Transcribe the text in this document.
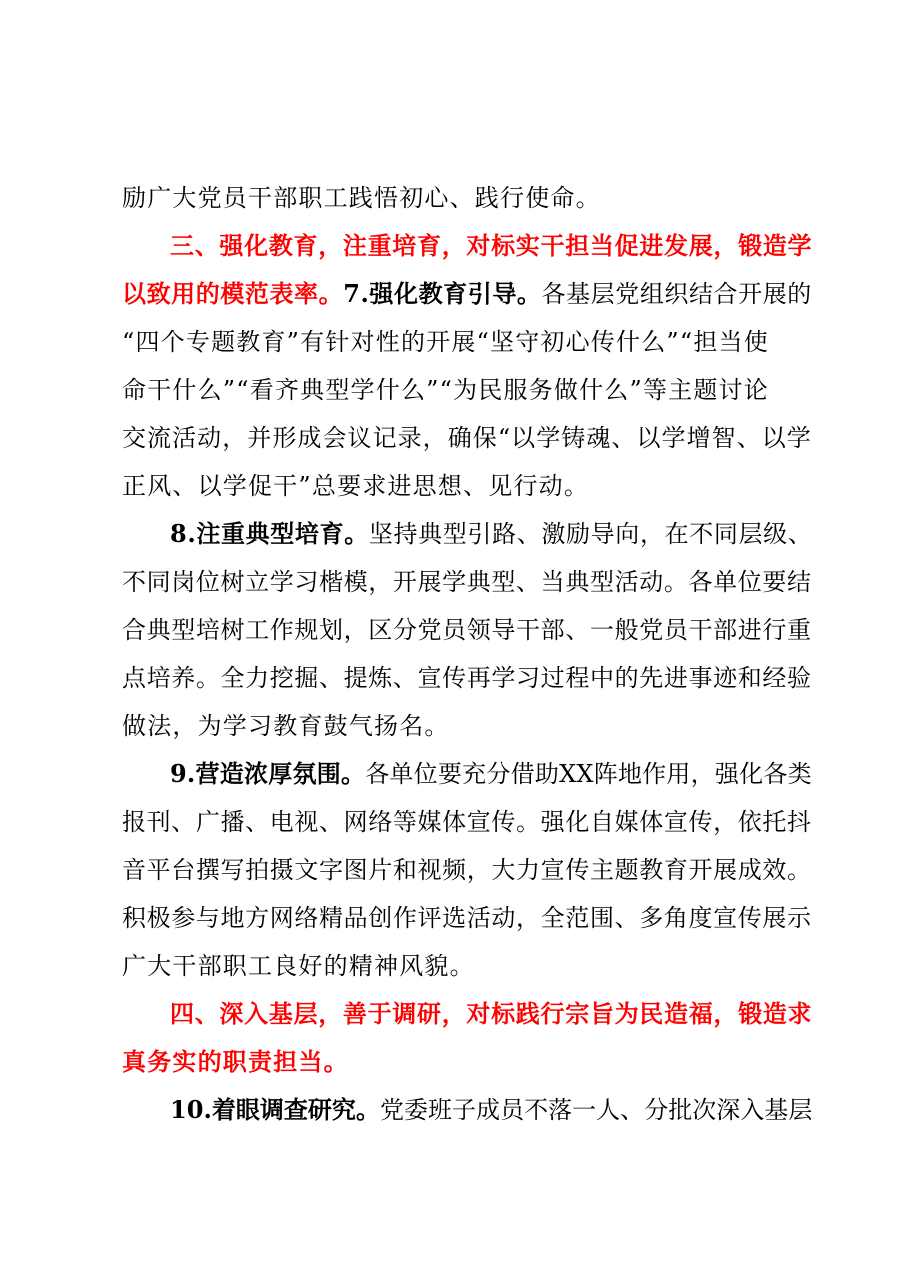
励广大党员干部职工践悟初心、践行使命。
三、强化教育，注重培育，对标实干担当促进发展，锻造学
以致用的模范表率。7.强化教育引导。各基层党组织结合开展的
“四个专题教育”有针对性的开展“坚守初心传什么”“担当使
命干什么”“看齐典型学什么”“为民服务做什么”等主题讨论
交流活动，并形成会议记录，确保“以学铸魂、以学增智、以学
正风、以学促干”总要求进思想、见行动。
8.注重典型培育。坚持典型引路、激励导向，在不同层级、
不同岗位树立学习楷模，开展学典型、当典型活动。各单位要结
合典型培树工作规划，区分党员领导干部、一般党员干部进行重
点培养。全力挖掘、提炼、宣传再学习过程中的先进事迹和经验
做法，为学习教育鼓气扬名。
9.营造浓厚氛围。各单位要充分借助XX阵地作用，强化各类
报刊、广播、电视、网络等媒体宣传。强化自媒体宣传，依托抖
音平台撰写拍摄文字图片和视频，大力宣传主题教育开展成效。
积极参与地方网络精品创作评选活动，全范围、多角度宣传展示
广大干部职工良好的精神风貌。
四、深入基层，善于调研，对标践行宗旨为民造福，锻造求
真务实的职责担当。
10.着眼调查研究。党委班子成员不落一人、分批次深入基层
